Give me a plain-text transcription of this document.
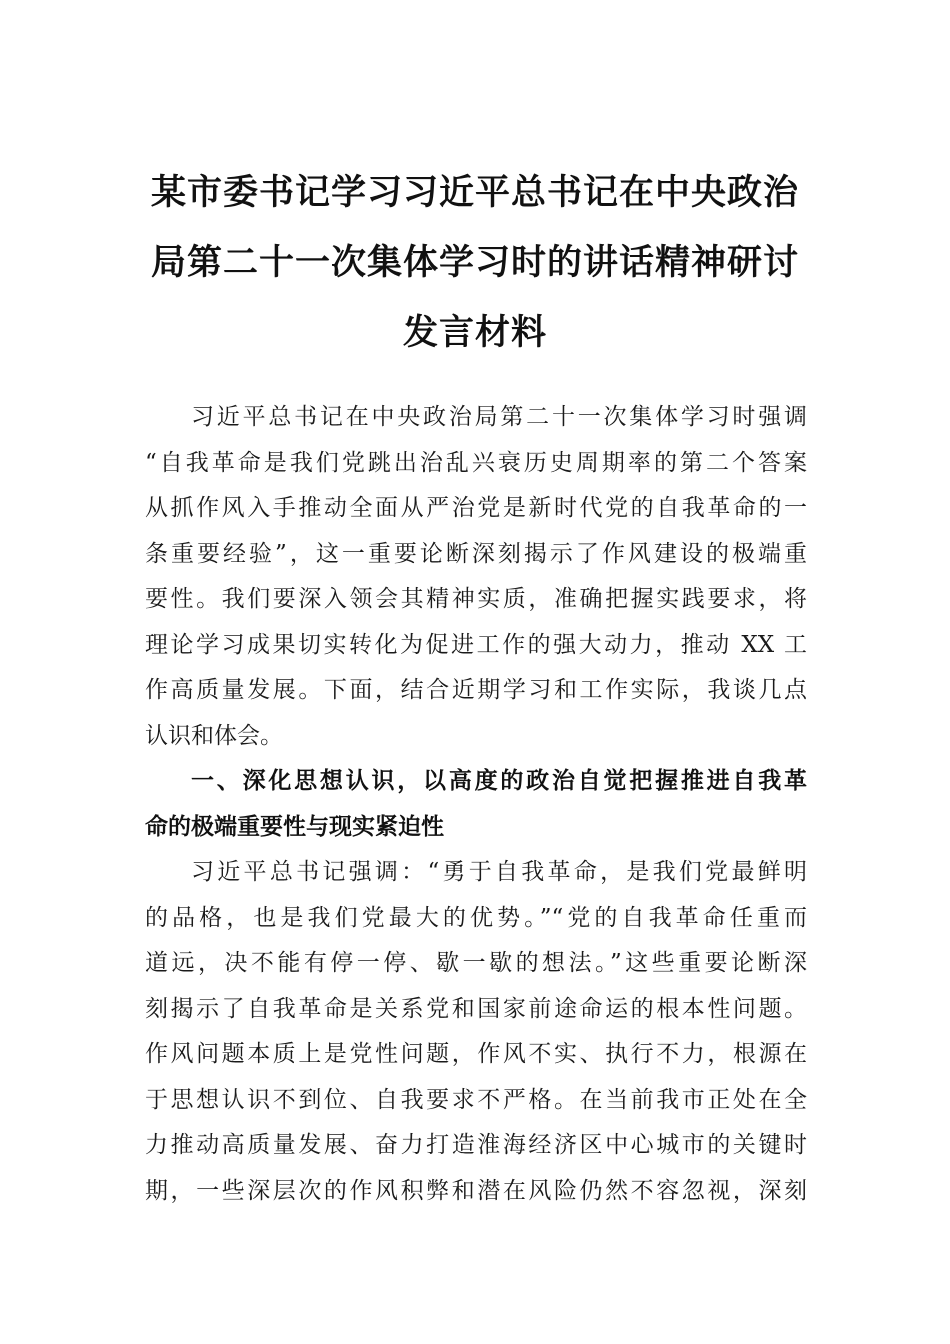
某市委书记学习习近平总书记在中央政治
局第二十一次集体学习时的讲话精神研讨
发言材料
习近平总书记在中央政治局第二十一次集体学习时强调
“自我革命是我们党跳出治乱兴衰历史周期率的第二个答案
从抓作风入手推动全面从严治党是新时代党的自我革命的一
条重要经验”，这一重要论断深刻揭示了作风建设的极端重
要性。我们要深入领会其精神实质，准确把握实践要求，将
理论学习成果切实转化为促进工作的强大动力，推动 XX 工
作高质量发展。下面，结合近期学习和工作实际，我谈几点
认识和体会。
一、深化思想认识，以高度的政治自觉把握推进自我革
命的极端重要性与现实紧迫性
习近平总书记强调：“勇于自我革命，是我们党最鲜明
的品格，也是我们党最大的优势。”“党的自我革命任重而
道远，决不能有停一停、歇一歇的想法。”这些重要论断深
刻揭示了自我革命是关系党和国家前途命运的根本性问题。
作风问题本质上是党性问题，作风不实、执行不力，根源在
于思想认识不到位、自我要求不严格。在当前我市正处在全
力推动高质量发展、奋力打造淮海经济区中心城市的关键时
期，一些深层次的作风积弊和潜在风险仍然不容忽视，深刻
